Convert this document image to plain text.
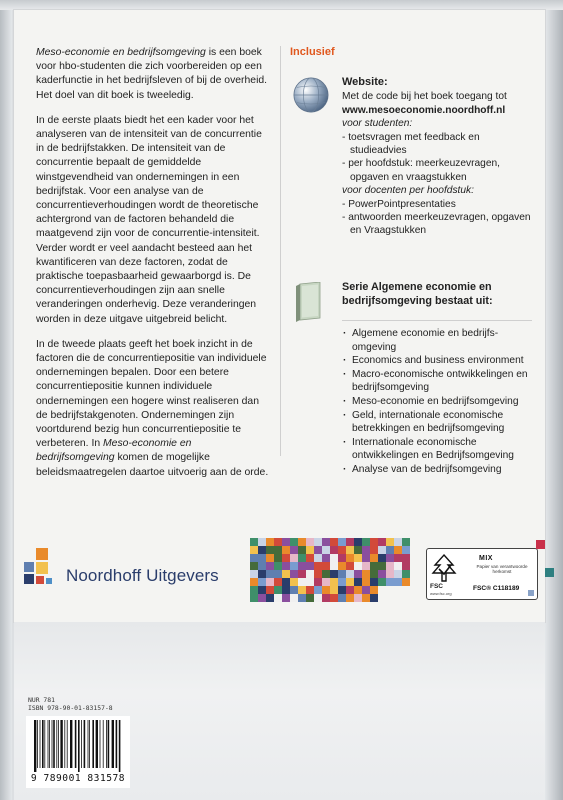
Meso-economie en bedrijfsomgeving is een boek voor hbo-studenten die zich voorbereiden op een kaderfunctie in het bedrijfsleven of bij de overheid. Het doel van dit boek is tweeledig.

In de eerste plaats biedt het een kader voor het analyseren van de intensiteit van de concurrentie in de bedrijfstakken. De intensiteit van de concurrentie bepaalt de gemiddelde winstgevendheid van ondernemingen in een bedrijfstak. Voor een analyse van de concurrentieverhoudingen wordt de theoretische achtergrond van de factoren behandeld die maatgevend zijn voor de concurrentie-intensiteit. Verder wordt er veel aandacht besteed aan het kwantificeren van deze factoren, zodat de praktische toepasbaarheid gewaarborgd is. De concurrentieverhoudingen zijn aan snelle veranderingen onderhevig. Deze veranderingen worden in deze uitgave uitgebreid belicht.

In de tweede plaats geeft het boek inzicht in de factoren die de concurrentiepositie van individuele ondernemingen bepalen. Door een betere concurrentiepositie kunnen individuele ondernemingen een hogere winst realiseren dan de bedrijfstakgenoten. Ondernemingen zijn voortdurend bezig hun concurrentiepositie te verbeteren. In Meso-economie en bedrijfsomgeving komen de mogelijke beleidsmaatregelen daartoe uitvoerig aan de orde.

Inclusief
Website:
Met de code bij het boek toegang tot
www.mesoeconomie.noordhoff.nl
voor studenten:
- toetsvragen met feedback en studieadvies
- per hoofdstuk: meerkeuzevragen, opgaven en vraagstukken
voor docenten per hoofdstuk:
- PowerPointpresentaties
- antwoorden meerkeuzevragen, opgaven en Vraagstukken
Serie Algemene economie en bedrijfsomgeving bestaat uit:
· Algemene economie en bedrijfs-omgeving
· Economics and business environment
· Macro-economische ontwikkelingen en bedrijfsomgeving
· Meso-economie en bedrijfsomgeving
· Geld, internationale economische betrekkingen en bedrijfsomgeving
· Internationale economische ontwikkelingen en Bedrijfsomgeving
· Analyse van de bedrijfsomgeving
Noordhoff Uitgevers
FSC
www.fsc.org
MIX
Papier van verantwoorde herkomst
FSC® C118189
NUR 781
ISBN 978-90-01-83157-8
9 789001 831578
